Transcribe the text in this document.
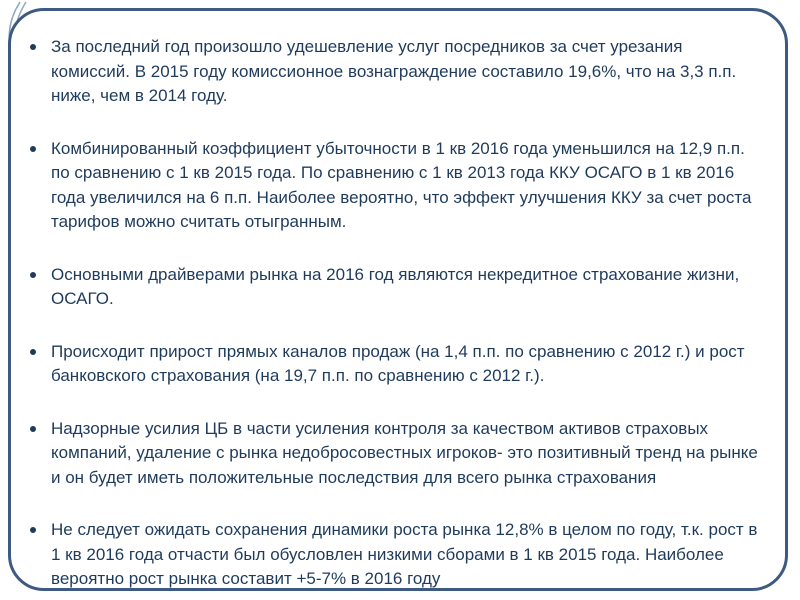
За последний год произошло удешевление услуг посредников за счет урезания комиссий. В 2015 году комиссионное вознаграждение составило 19,6%, что на 3,3 п.п. ниже, чем в 2014 году.
Комбинированный коэффициент убыточности в 1 кв 2016 года уменьшился на 12,9 п.п. по сравнению с 1 кв 2015 года. По сравнению с 1 кв 2013 года ККУ ОСАГО в 1 кв 2016 года увеличился на 6 п.п. Наиболее вероятно, что эффект улучшения ККУ за счет роста тарифов можно считать отыгранным.
Основными драйверами рынка на 2016 год являются некредитное страхование жизни, ОСАГО.
Происходит прирост прямых каналов продаж (на 1,4 п.п. по сравнению с 2012 г.) и рост банковского страхования (на 19,7 п.п. по сравнению с 2012 г.).
Надзорные усилия ЦБ в части усиления контроля за качеством активов страховых компаний, удаление с рынка недобросовестных игроков- это позитивный тренд на рынке и он будет иметь положительные последствия для всего рынка страхования
Не следует ожидать сохранения динамики роста рынка 12,8% в целом по году, т.к. рост в 1 кв 2016 года отчасти был обусловлен низкими сборами в 1 кв 2015 года. Наиболее вероятно рост рынка составит +5-7% в 2016 году
